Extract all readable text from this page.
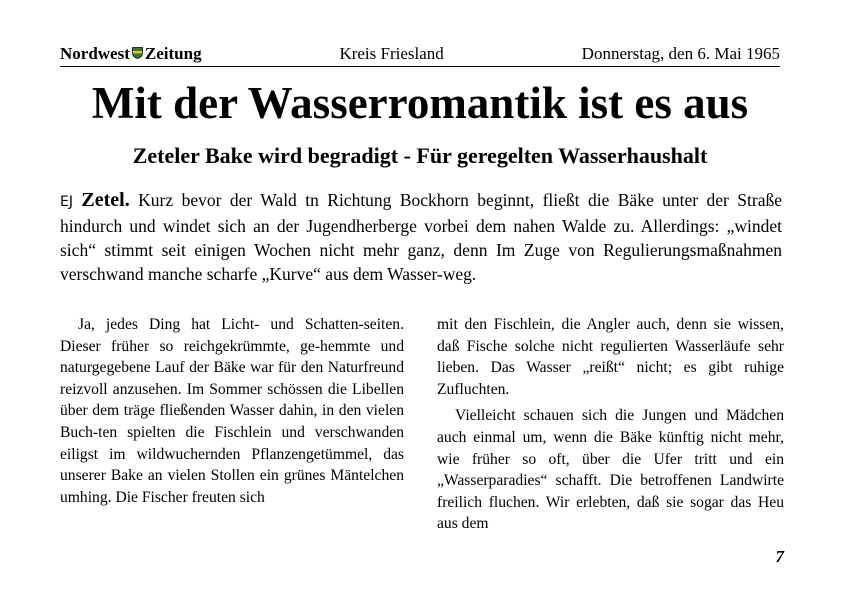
Nordwest Zeitung	Kreis Friesland	Donnerstag, den 6. Mai 1965
Mit der Wasserromantik ist es aus
Zeteler Bake wird begradigt - Für geregelten Wasserhaushalt
EJ Zetel. Kurz bevor der Wald tn Richtung Bockhorn beginnt, fließt die Bäke unter der Straße hindurch und windet sich an der Jugendherberge vorbei dem nahen Walde zu. Allerdings: „windet sich“ stimmt seit einigen Wochen nicht mehr ganz, denn Im Zuge von Regulierungsmaßnahmen verschwand manche scharfe „Kurve“ aus dem Wasser-weg.

Ja, jedes Ding hat Licht- und Schatten-seiten. Dieser früher so reichgekrümmte, ge-hemmte und naturgegebene Lauf der Bäke war für den Naturfreund reizvoll anzusehen. Im Sommer schössen die Libellen über dem träge fließenden Wasser dahin, in den vielen Buch-ten spielten die Fischlein und verschwanden eiligst im wildwuchernden Pflanzengetümmel, das unserer Bake an vielen Stollen ein grünes Mäntelchen umhing. Die Fischer freuten sich

mit den Fischlein, die Angler auch, denn sie wissen, daß Fische solche nicht regulierten Wasserläufe sehr lieben. Das Wasser „reißt“ nicht; es gibt ruhige Zufluchten.

Vielleicht schauen sich die Jungen und Mädchen auch einmal um, wenn die Bäke künftig nicht mehr, wie früher so oft, über die Ufer tritt und ein „Wasserparadies“ schafft. Die betroffenen Landwirte freilich fluchen. Wir erlebten, daß sie sogar das Heu aus dem

7
